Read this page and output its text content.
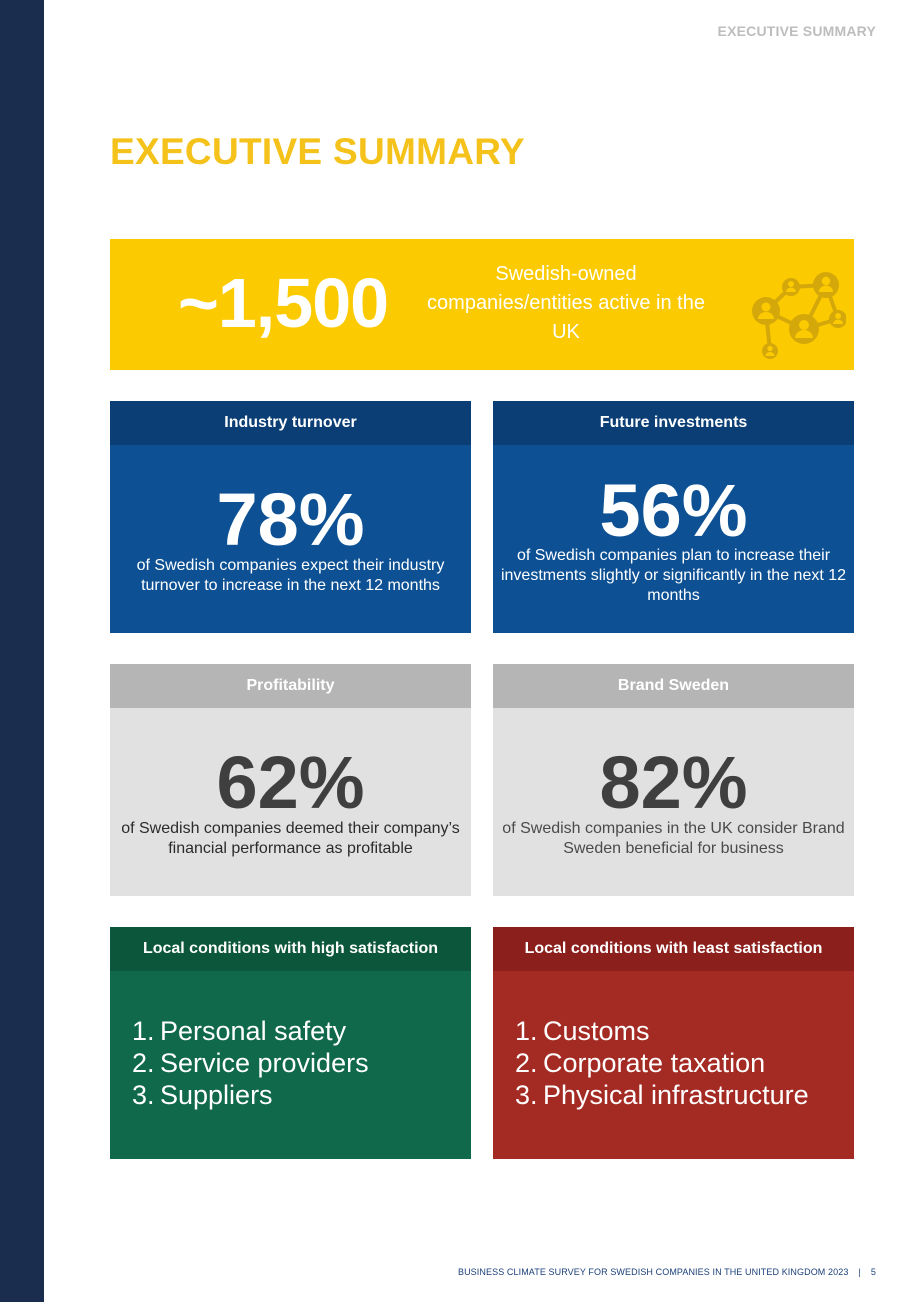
EXECUTIVE SUMMARY
EXECUTIVE SUMMARY
~1,500	Swedish-owned companies/entities active in the UK
Industry turnover
78%
of Swedish companies expect their industry turnover to increase in the next 12 months
Future investments
56%
of Swedish companies plan to increase their investments slightly or significantly in the next 12 months
Profitability
62%
of Swedish companies deemed their company’s financial performance as profitable
Brand Sweden
82%
of Swedish companies in the UK consider Brand Sweden beneficial for business
Local conditions with high satisfaction
1. Personal safety
2. Service providers
3. Suppliers
Local conditions with least satisfaction
1. Customs
2. Corporate taxation
3. Physical infrastructure
BUSINESS CLIMATE SURVEY FOR SWEDISH COMPANIES IN THE UNITED KINGDOM 2023 | 5
